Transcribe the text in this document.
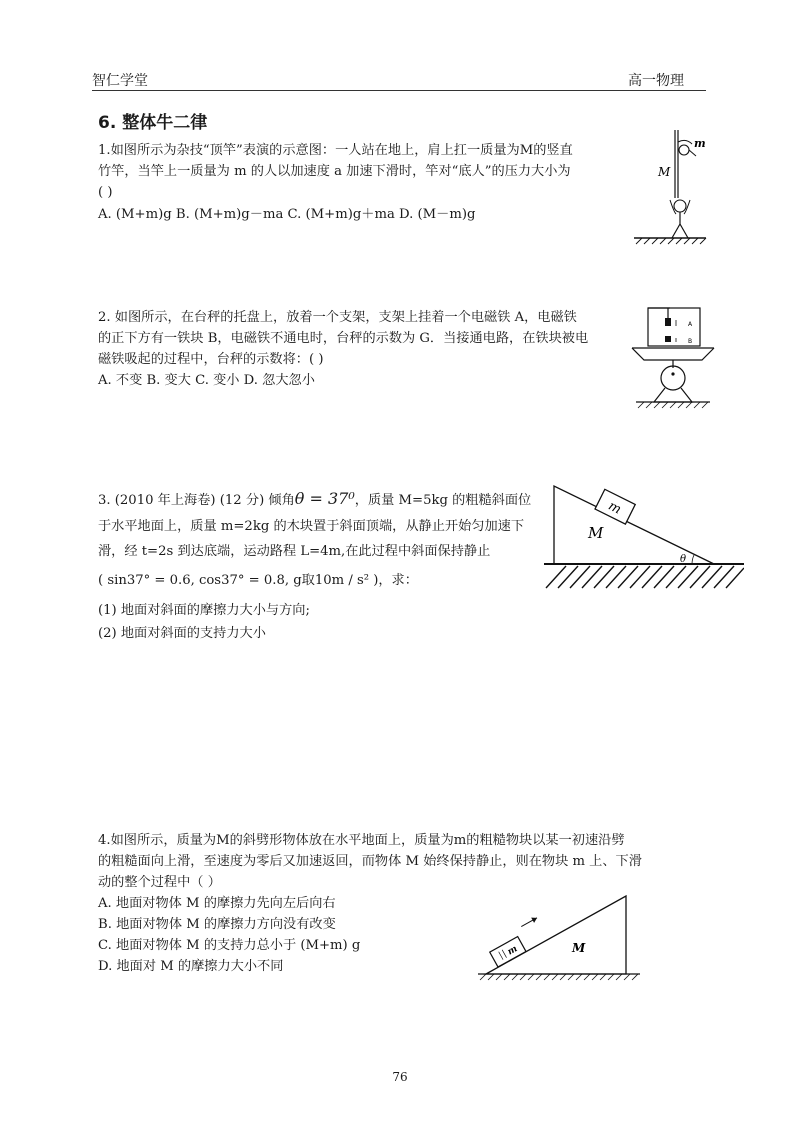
智仁学堂	高一物理
6. 整体牛二律
1.如图所示为杂技“顶竿”表演的示意图：一人站在地上，肩上扛一质量为M的竖直
竹竿，当竿上一质量为 m 的人以加速度 a 加速下滑时，竿对“底人”的压力大小为
( )
A. (M+m)g B. (M+m)g－ma C. (M+m)g＋ma D. (M－m)g
m
M
2. 如图所示，在台秤的托盘上，放着一个支架，支架上挂着一个电磁铁 A，电磁铁
的正下方有一铁块 B，电磁铁不通电时，台秤的示数为 G．当接通电路，在铁块被电
磁铁吸起的过程中，台秤的示数将：( )
A. 不变 B. 变大 C. 变小 D. 忽大忽小
A
B
3. (2010 年上海卷) (12 分) 倾角θ = 37⁰，质量 M=5kg 的粗糙斜面位
于水平地面上，质量 m=2kg 的木块置于斜面顶端，从静止开始匀加速下
滑，经 t=2s 到达底端，运动路程 L=4m,在此过程中斜面保持静止
( sin37° = 0.6, cos37° = 0.8, g取10m / s² )，求：
(1) 地面对斜面的摩擦力大小与方向;
(2) 地面对斜面的支持力大小
m
M
θ
4.如图所示，质量为M的斜劈形物体放在水平地面上，质量为m的粗糙物块以某一初速沿劈
的粗糙面向上滑，至速度为零后又加速返回，而物体 M 始终保持静止，则在物块 m 上、下滑
动的整个过程中（ ）
A. 地面对物体 M 的摩擦力先向左后向右
B. 地面对物体 M 的摩擦力方向没有改变
C. 地面对物体 M 的支持力总小于 (M+m) g
D. 地面对 M 的摩擦力大小不同
m	M
76
